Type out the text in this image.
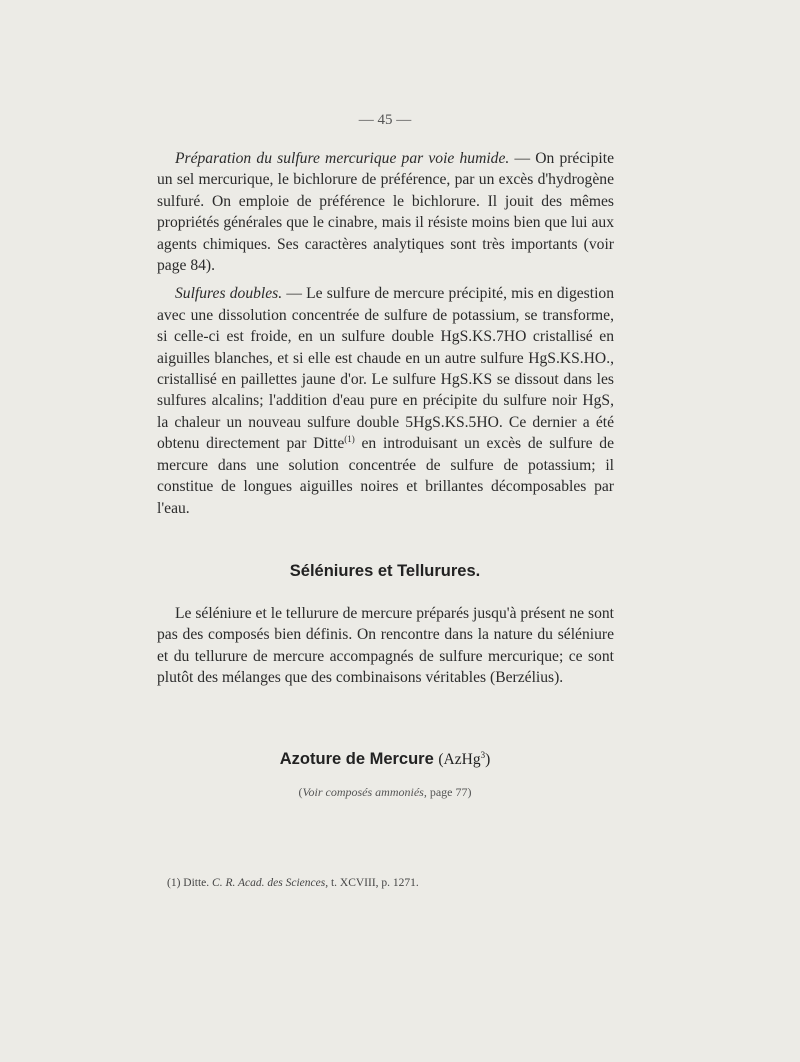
— 45 —

Préparation du sulfure mercurique par voie humide. — On précipite un sel mercurique, le bichlorure de préférence, par un excès d'hydrogène sulfuré. On emploie de préférence le bichlorure. Il jouit des mêmes propriétés générales que le cinabre, mais il résiste moins bien que lui aux agents chimiques. Ses caractères analytiques sont très importants (voir page 84).

Sulfures doubles. — Le sulfure de mercure précipité, mis en digestion avec une dissolution concentrée de sulfure de potassium, se transforme, si celle-ci est froide, en un sulfure double HgS.KS.7HO cristallisé en aiguilles blanches, et si elle est chaude en un autre sulfure HgS.KS.HO., cristallisé en paillettes jaune d'or. Le sulfure HgS.KS se dissout dans les sulfures alcalins; l'addition d'eau pure en précipite du sulfure noir HgS, la chaleur un nouveau sulfure double 5HgS.KS.5HO. Ce dernier a été obtenu directement par Ditte$^{(1)}$ en introduisant un excès de sulfure de mercure dans une solution concentrée de sulfure de potassium; il constitue de longues aiguilles noires et brillantes décomposables par l'eau.

Séléniures et Tellurures.

Le séléniure et le tellurure de mercure préparés jusqu'à présent ne sont pas des composés bien définis. On rencontre dans la nature du séléniure et du tellurure de mercure accompagnés de sulfure mercurique; ce sont plutôt des mélanges que des combinaisons véritables (Berzélius).

Azoture de Mercure (AzHg$^3$)
(Voir composés ammoniés, page 77)
(1) Ditte. C. R. Acad. des Sciences, t. XCVIII, p. 1271.
